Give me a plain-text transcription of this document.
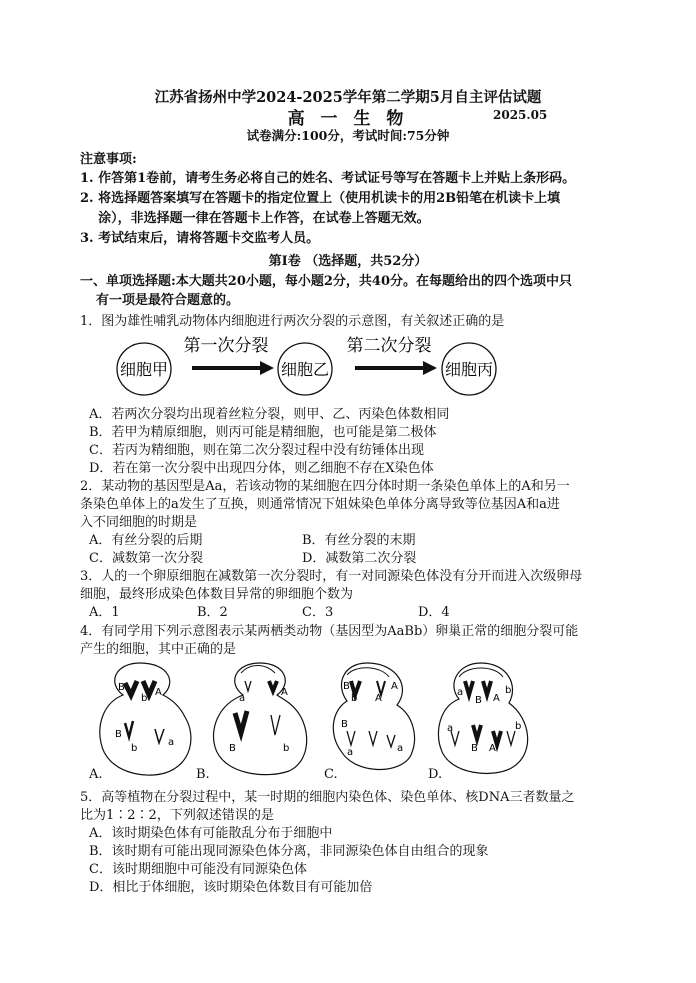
江苏省扬州中学2024-2025学年第二学期5月自主评估试题
高 一 生 物	2025.05
试卷满分:100分，考试时间:75分钟
注意事项:
1. 作答第1卷前，请考生务必将自己的姓名、考试证号等写在答题卡上并贴上条形码。
2. 将选择题答案填写在答题卡的指定位置上（使用机读卡的用2B铅笔在机读卡上填
涂），非选择题一律在答题卡上作答，在试卷上答题无效。
3. 考试结束后，请将答题卡交监考人员。
第Ⅰ卷 （选择题，共52分）
一、单项选择题:本大题共20小题，每小题2分，共40分。在每题给出的四个选项中只
有一项是最符合题意的。
1．图为雄性哺乳动物体内细胞进行两次分裂的示意图，有关叙述正确的是
细胞甲	细胞乙	细胞丙
第一次分裂	第二次分裂
A．若两次分裂均出现着丝粒分裂，则甲、乙、丙染色体数相同
B．若甲为精原细胞，则丙可能是精细胞，也可能是第二极体
C．若丙为精细胞，则在第二次分裂过程中没有纺锤体出现
D．若在第一次分裂中出现四分体，则乙细胞不存在X染色体
2．某动物的基因型是Aa，若该动物的某细胞在四分体时期一条染色单体上的A和另一
条染色单体上的a发生了互换，则通常情况下姐妹染色单体分离导致等位基因A和a进
入不同细胞的时期是
A．有丝分裂的后期	B．有丝分裂的末期
C．减数第一次分裂	D．减数第二次分裂
3．人的一个卵原细胞在减数第一次分裂时，有一对同源染色体没有分开而进入次级卵母
细胞，最终形成染色体数目异常的卵细胞个数为
A．1	B．2	C．3	D．4
4．有同学用下列示意图表示某两栖类动物（基因型为AaBb）卵巢正常的细胞分裂可能
产生的细胞，其中正确的是
B	A
b
B
a
b
a
A
B	b
B	A
b A
B
a
a
a
B A
b
a
B A
b
A.	B.	C.	D.
5．高等植物在分裂过程中，某一时期的细胞内染色体、染色单体、核DNA三者数量之
比为1∶2∶2，下列叙述错误的是
A．该时期染色体有可能散乱分布于细胞中
B．该时期有可能出现同源染色体分离，非同源染色体自由组合的现象
C．该时期细胞中可能没有同源染色体
D．相比于体细胞，该时期染色体数目有可能加倍
